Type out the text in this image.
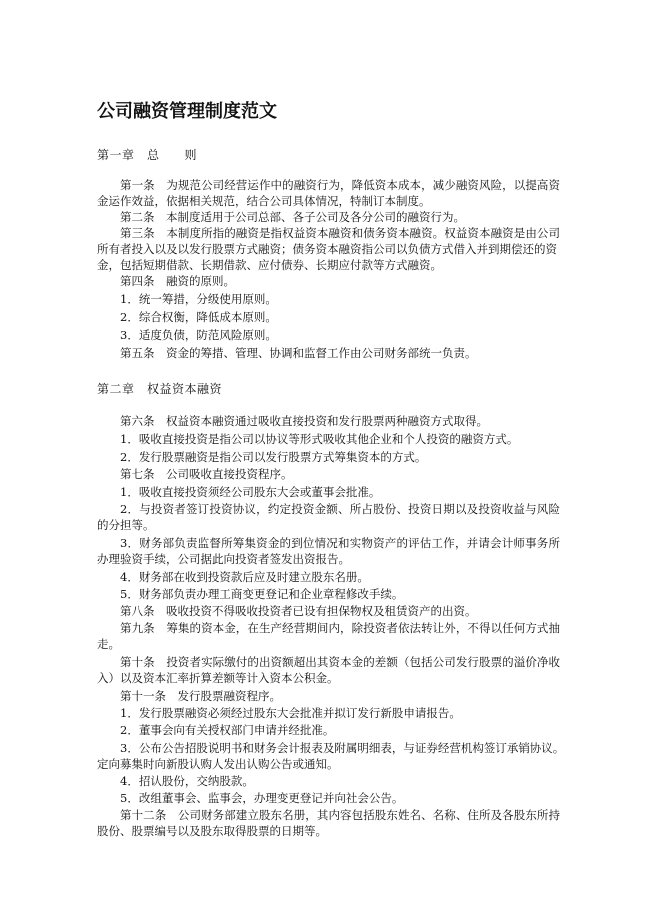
公司融资管理制度范文

第一章　总　　则

第一条　为规范公司经营运作中的融资行为，降低资本成本，减少融资风险，以提高资

金运作效益，依据相关规范，结合公司具体情况，特制订本制度。

第二条　本制度适用于公司总部、各子公司及各分公司的融资行为。

第三条　本制度所指的融资是指权益资本融资和债务资本融资。权益资本融资是由公司

所有者投入以及以发行股票方式融资；债务资本融资指公司以负债方式借入并到期偿还的资

金，包括短期借款、长期借款、应付债券、长期应付款等方式融资。

第四条　融资的原则。

1．统一筹措，分级使用原则。

2．综合权衡，降低成本原则。

3．适度负债，防范风险原则。

第五条　资金的筹措、管理、协调和监督工作由公司财务部统一负责。

第二章　权益资本融资

第六条　权益资本融资通过吸收直接投资和发行股票两种融资方式取得。

1．吸收直接投资是指公司以协议等形式吸收其他企业和个人投资的融资方式。

2．发行股票融资是指公司以发行股票方式筹集资本的方式。

第七条　公司吸收直接投资程序。

1．吸收直接投资须经公司股东大会或董事会批准。

2．与投资者签订投资协议，约定投资金额、所占股份、投资日期以及投资收益与风险

的分担等。

3．财务部负责监督所筹集资金的到位情况和实物资产的评估工作，并请会计师事务所

办理验资手续，公司据此向投资者签发出资报告。

4．财务部在收到投资款后应及时建立股东名册。

5．财务部负责办理工商变更登记和企业章程修改手续。

第八条　吸收投资不得吸收投资者已设有担保物权及租赁资产的出资。

第九条　筹集的资本金，在生产经营期间内，除投资者依法转让外，不得以任何方式抽

走。

第十条　投资者实际缴付的出资额超出其资本金的差额（包括公司发行股票的溢价净收

入）以及资本汇率折算差额等计入资本公积金。

第十一条　发行股票融资程序。

1．发行股票融资必须经过股东大会批准并拟订发行新股申请报告。

2．董事会向有关授权部门申请并经批准。

3．公布公告招股说明书和财务会计报表及附属明细表，与证券经营机构签订承销协议。

定向募集时向新股认购人发出认购公告或通知。

4．招认股份，交纳股款。

5．改组董事会、监事会，办理变更登记并向社会公告。

第十二条　公司财务部建立股东名册，其内容包括股东姓名、名称、住所及各股东所持

股份、股票编号以及股东取得股票的日期等。
